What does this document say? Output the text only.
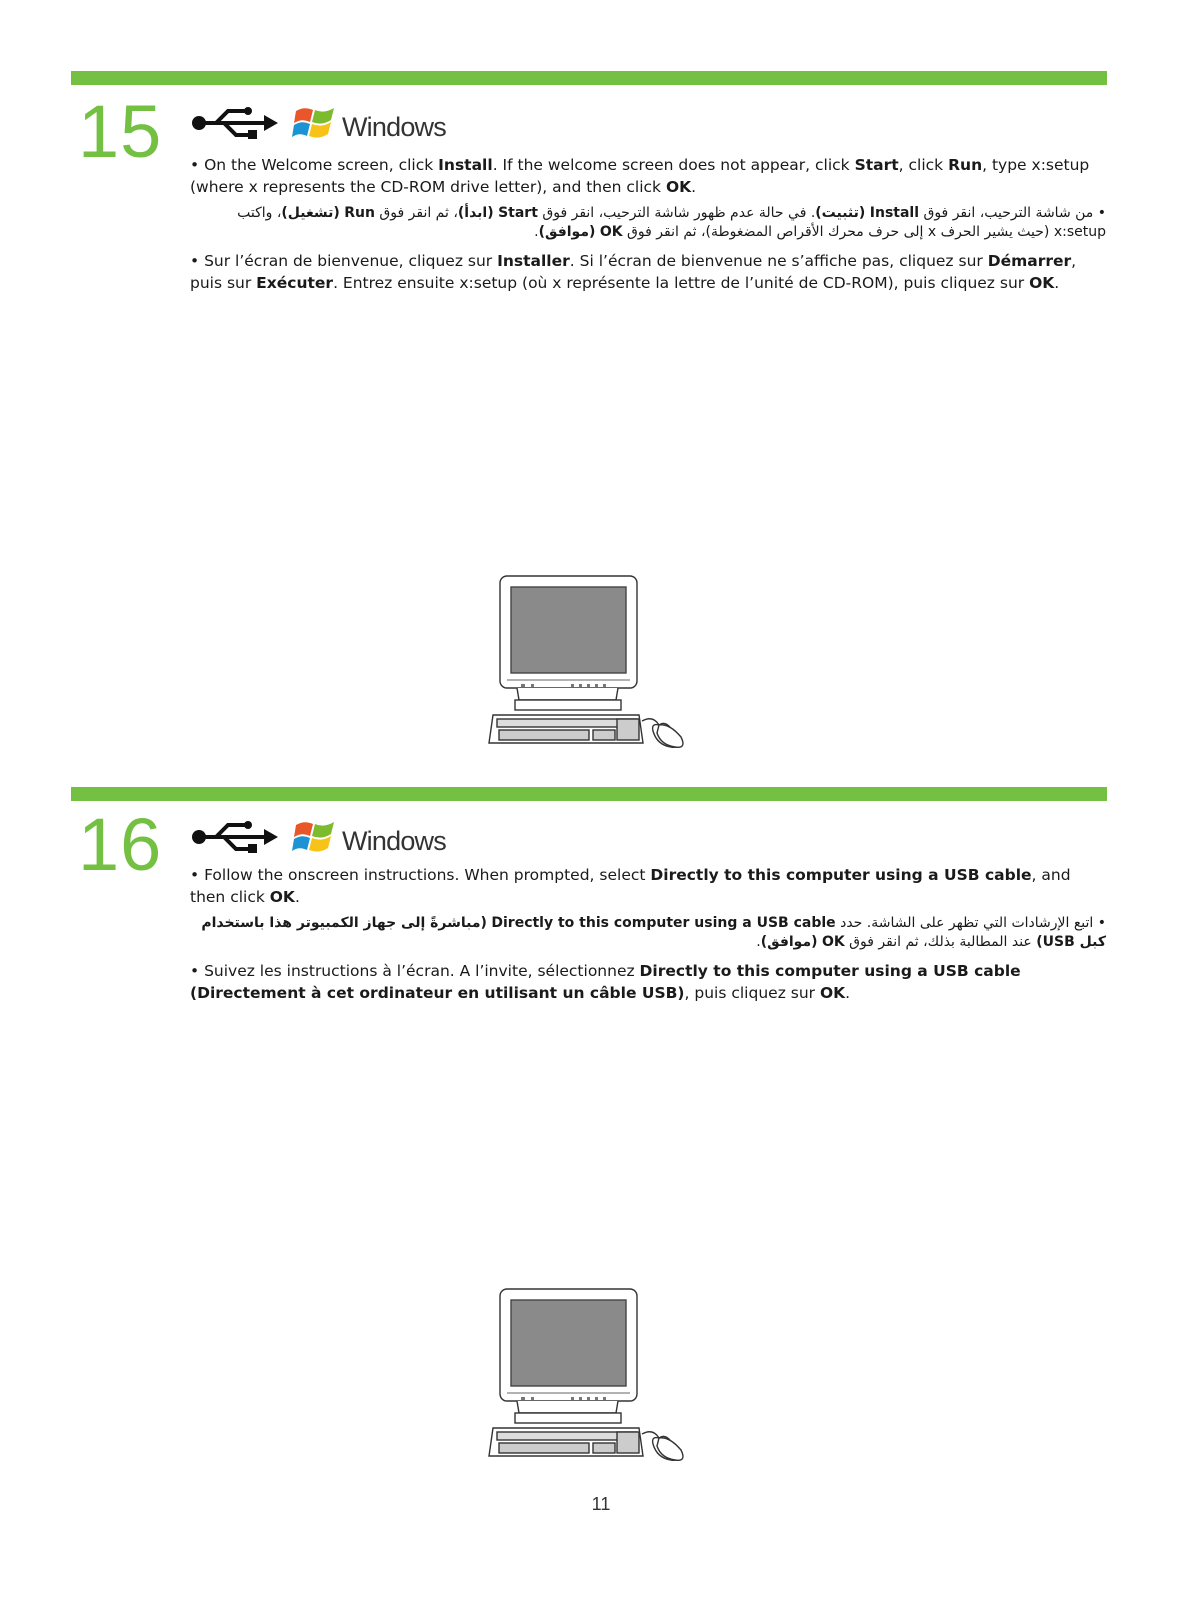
15	Windows

• On the Welcome screen, click Install. If the welcome screen does not appear, click Start, click Run, type x:setup (where x represents the CD-ROM drive letter), and then click OK.

• من شاشة الترحيب، انقر فوق Install (تثبيت). في حالة عدم ظهور شاشة الترحيب، انقر فوق Start (ابدأ)، ثم انقر فوق Run (تشغيل)، واكتب x:setup (حيث يشير الحرف x إلى حرف محرك الأقراص المضغوطة)، ثم انقر فوق OK (موافق).

• Sur l’écran de bienvenue, cliquez sur Installer. Si l’écran de bienvenue ne s’affiche pas, cliquez sur Démarrer, puis sur Exécuter. Entrez ensuite x:setup (où x représente la lettre de l’unité de CD-ROM), puis cliquez sur OK.

16	Windows

• Follow the onscreen instructions. When prompted, select Directly to this computer using a USB cable, and then click OK.

• اتبع الإرشادات التي تظهر على الشاشة. حدد Directly to this computer using a USB cable (مباشرةً إلى جهاز الكمبيوتر هذا باستخدام كبل USB) عند المطالبة بذلك، ثم انقر فوق OK (موافق).

• Suivez les instructions à l’écran. A l’invite, sélectionnez Directly to this computer using a USB cable (Directement à cet ordinateur en utilisant un câble USB), puis cliquez sur OK.

11
